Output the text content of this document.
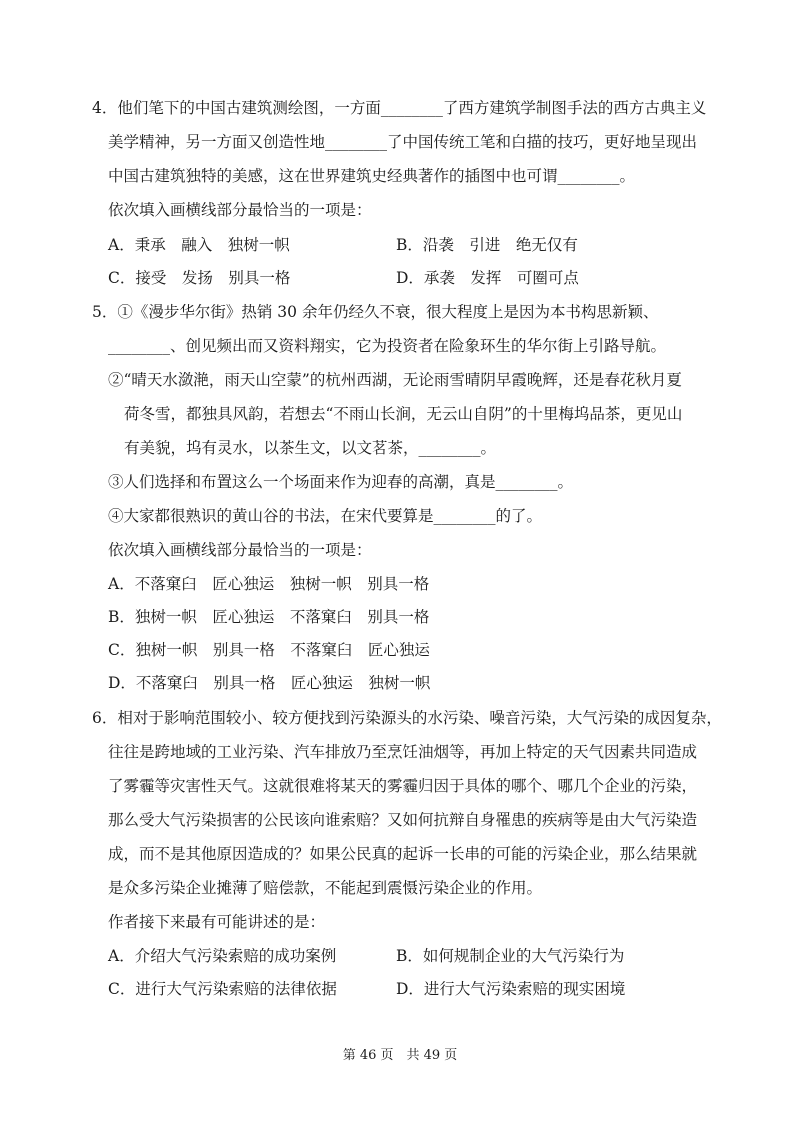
4．他们笔下的中国古建筑测绘图，一方面________了西方建筑学制图手法的西方古典主义
美学精神，另一方面又创造性地________了中国传统工笔和白描的技巧，更好地呈现出
中国古建筑独特的美感，这在世界建筑史经典著作的插图中也可谓________。
依次填入画横线部分最恰当的一项是：
A．秉承　融入　独树一帜	B．沿袭　引进　绝无仅有
C．接受　发扬　别具一格	D．承袭　发挥　可圈可点
5．①《漫步华尔街》热销 30 余年仍经久不衰，很大程度上是因为本书构思新颖、
________、创见频出而又资料翔实，它为投资者在险象环生的华尔街上引路导航。
②“晴天水潋滟，雨天山空蒙”的杭州西湖，无论雨雪晴阴早霞晚辉，还是春花秋月夏
荷冬雪，都独具风韵，若想去“不雨山长涧，无云山自阴”的十里梅坞品茶，更见山
有美貌，坞有灵水，以茶生文，以文茗茶，________。
③人们选择和布置这么一个场面来作为迎春的高潮，真是________。
④大家都很熟识的黄山谷的书法，在宋代要算是________的了。
依次填入画横线部分最恰当的一项是：
A．不落窠臼　匠心独运　独树一帜　别具一格
B．独树一帜　匠心独运　不落窠臼　别具一格
C．独树一帜　别具一格　不落窠臼　匠心独运
D．不落窠臼　别具一格　匠心独运　独树一帜
6．相对于影响范围较小、较方便找到污染源头的水污染、噪音污染，大气污染的成因复杂，
往往是跨地域的工业污染、汽车排放乃至烹饪油烟等，再加上特定的天气因素共同造成
了雾霾等灾害性天气。这就很难将某天的雾霾归因于具体的哪个、哪几个企业的污染，
那么受大气污染损害的公民该向谁索赔？又如何抗辩自身罹患的疾病等是由大气污染造
成，而不是其他原因造成的？如果公民真的起诉一长串的可能的污染企业，那么结果就
是众多污染企业摊薄了赔偿款，不能起到震慑污染企业的作用。
作者接下来最有可能讲述的是：
A．介绍大气污染索赔的成功案例	B．如何规制企业的大气污染行为
C．进行大气污染索赔的法律依据	D．进行大气污染索赔的现实困境
第 46 页　共 49 页
